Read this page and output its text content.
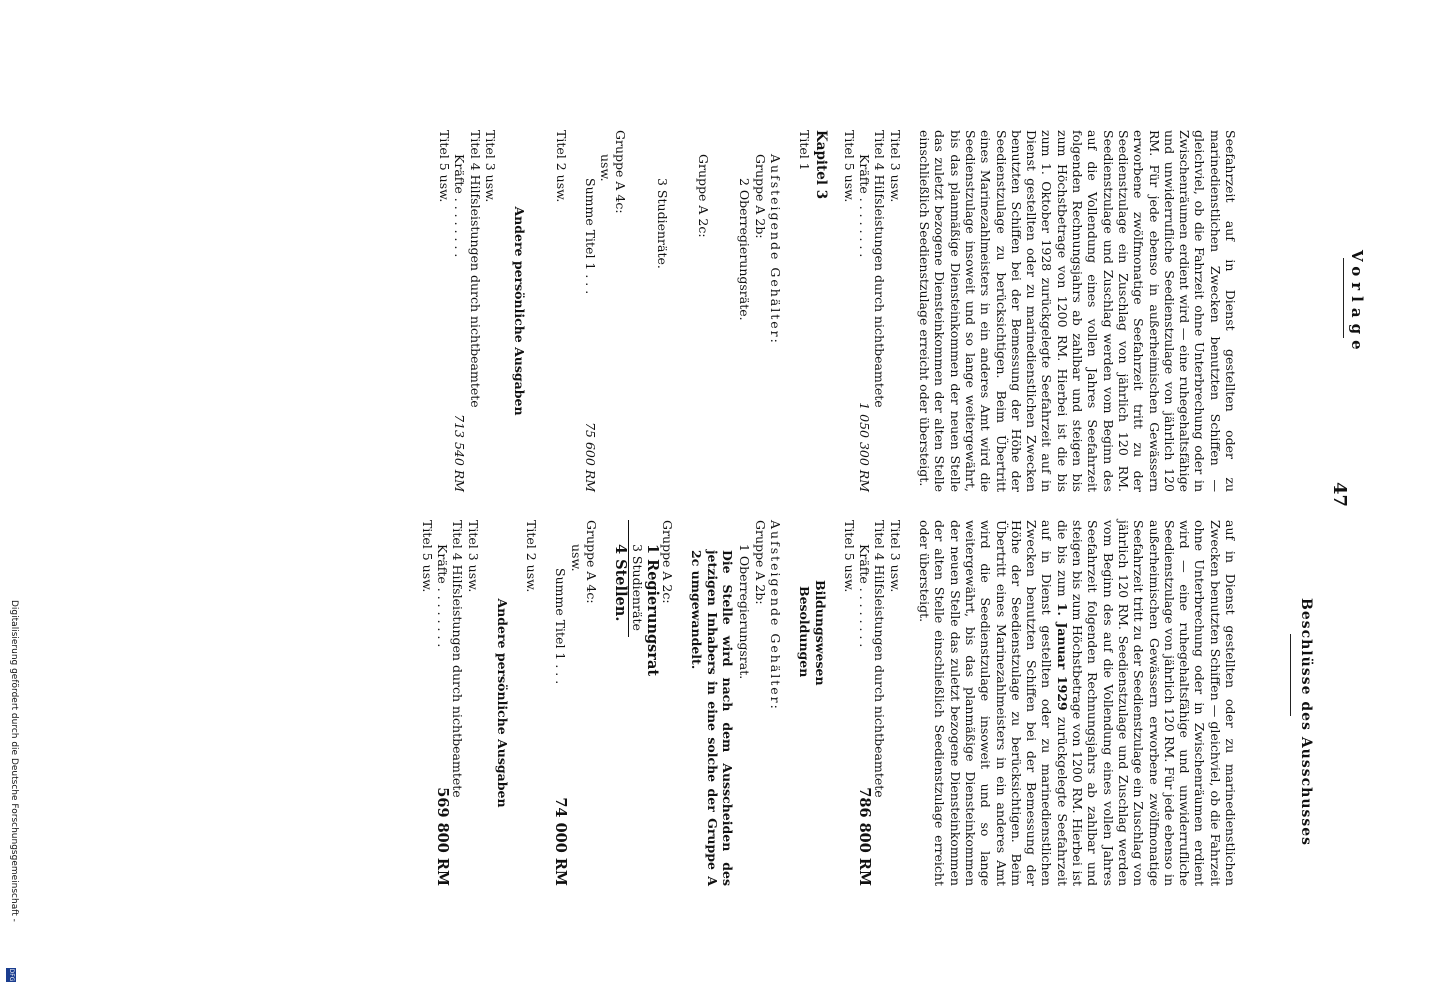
Vorlage
47
Beschlüsse des Ausschusses

Seefahrzeit auf in Dienst gestellten oder zu marinedienstlichen Zwecken benutzten Schiffen — gleichviel, ob die Fahrzeit ohne Unterbrechung oder in Zwischenräumen erdient wird — eine ruhegehaltsfähige und unwiderrufliche Seedienstzulage von jährlich 120 RM. Für jede ebenso in außerheimischen Gewässern erworbene zwölfmonatige Seefahrzeit tritt zu der Seedienstzulage ein Zuschlag von jährlich 120 RM. Seedienstzulage und Zuschlag werden vom Beginn des auf die Vollendung eines vollen Jahres Seefahrzeit folgenden Rechnungsjahrs ab zahlbar und steigen bis zum Höchstbetrage von 1200 RM. Hierbei ist die bis zum 1. Oktober 1928 zurückgelegte Seefahrzeit auf in Dienst gestellten oder zu marinedienstlichen Zwecken benutzten Schiffen bei der Bemessung der Höhe der Seedienstzulage zu berücksichtigen. Beim Übertritt eines Marinezahlmeisters in ein anderes Amt wird die Seedienstzulage insoweit und so lange weitergewährt, bis das planmäßige Diensteinkommen der neuen Stelle das zuletzt bezogene Diensteinkommen der alten Stelle einschließlich Seedienstzulage erreicht oder übersteigt.

Titel 3 usw.
Titel 4 Hilfsleistungen durch nichtbeamtete
Kräfte . . . . . . . .
1 050 300 RM
Titel 5 usw.
Kapitel 3
Titel 1
Aufsteigende Gehälter:
Gruppe A 2b:
2 Oberregierungsräte.
Gruppe A 2c:
3 Studienräte.
Gruppe A 4c:
usw.
Summe Titel 1 . . .
75 600 RM
Titel 2 usw.
Andere persönliche Ausgaben
Titel 3 usw.
Titel 4 Hilfsleistungen durch nichtbeamtete
Kräfte . . . . . . . .
713 540 RM
Titel 5 usw.

auf in Dienst gestellten oder zu marinedienstlichen Zwecken benutzten Schiffen — gleichviel, ob die Fahrzeit ohne Unterbrechung oder in Zwischenräumen erdient wird — eine ruhegehaltsfähige und unwiderrufliche Seedienstzulage von jährlich 120 RM. Für jede ebenso in außerheimischen Gewässern erworbene zwölfmonatige Seefahrzeit tritt zu der Seedienstzulage ein Zuschlag von jährlich 120 RM. Seedienstzulage und Zuschlag werden vom Beginn des auf die Vollendung eines vollen Jahres Seefahrzeit folgenden Rechnungsjahrs ab zahlbar und steigen bis zum Höchstbetrage von 1200 RM. Hierbei ist die bis zum 1. Januar 1929 zurückgelegte Seefahrzeit auf in Dienst gestellten oder zu marinedienstlichen Zwecken benutzten Schiffen bei der Bemessung der Höhe der Seedienstzulage zu berücksichtigen. Beim Übertritt eines Marinezahlmeisters in ein anderes Amt wird die Seedienstzulage insoweit und so lange weitergewährt, bis das planmäßige Diensteinkommen der neuen Stelle das zuletzt bezogene Diensteinkommen der alten Stelle einschließlich Seedienstzulage erreicht oder übersteigt.

Titel 3 usw.
Titel 4 Hilfsleistungen durch nichtbeamtete
Kräfte . . . . . . . .
786 800 RM
Titel 5 usw.
Bildungswesen
Besoldungen
Aufsteigende Gehälter:
Gruppe A 2b:
1 Oberregierungsrat.

Die Stelle wird nach dem Ausscheiden des jetzigen Inhabers in eine solche der Gruppe A 2c umgewandelt.

Gruppe A 2c:
1 Regierungsrat
3 Studienräte
4 Stellen.
Gruppe A 4c:
usw.
Summe Titel 1 . . .
74 000 RM
Titel 2 usw.
Andere persönliche Ausgaben
Titel 3 usw.
Titel 4 Hilfsleistungen durch nichtbeamtete
Kräfte . . . . . . . .
569 800 RM
Titel 5 usw.
Digitalisierung gefördert durch die Deutsche Forschungsgemeinschaft -
DFG
